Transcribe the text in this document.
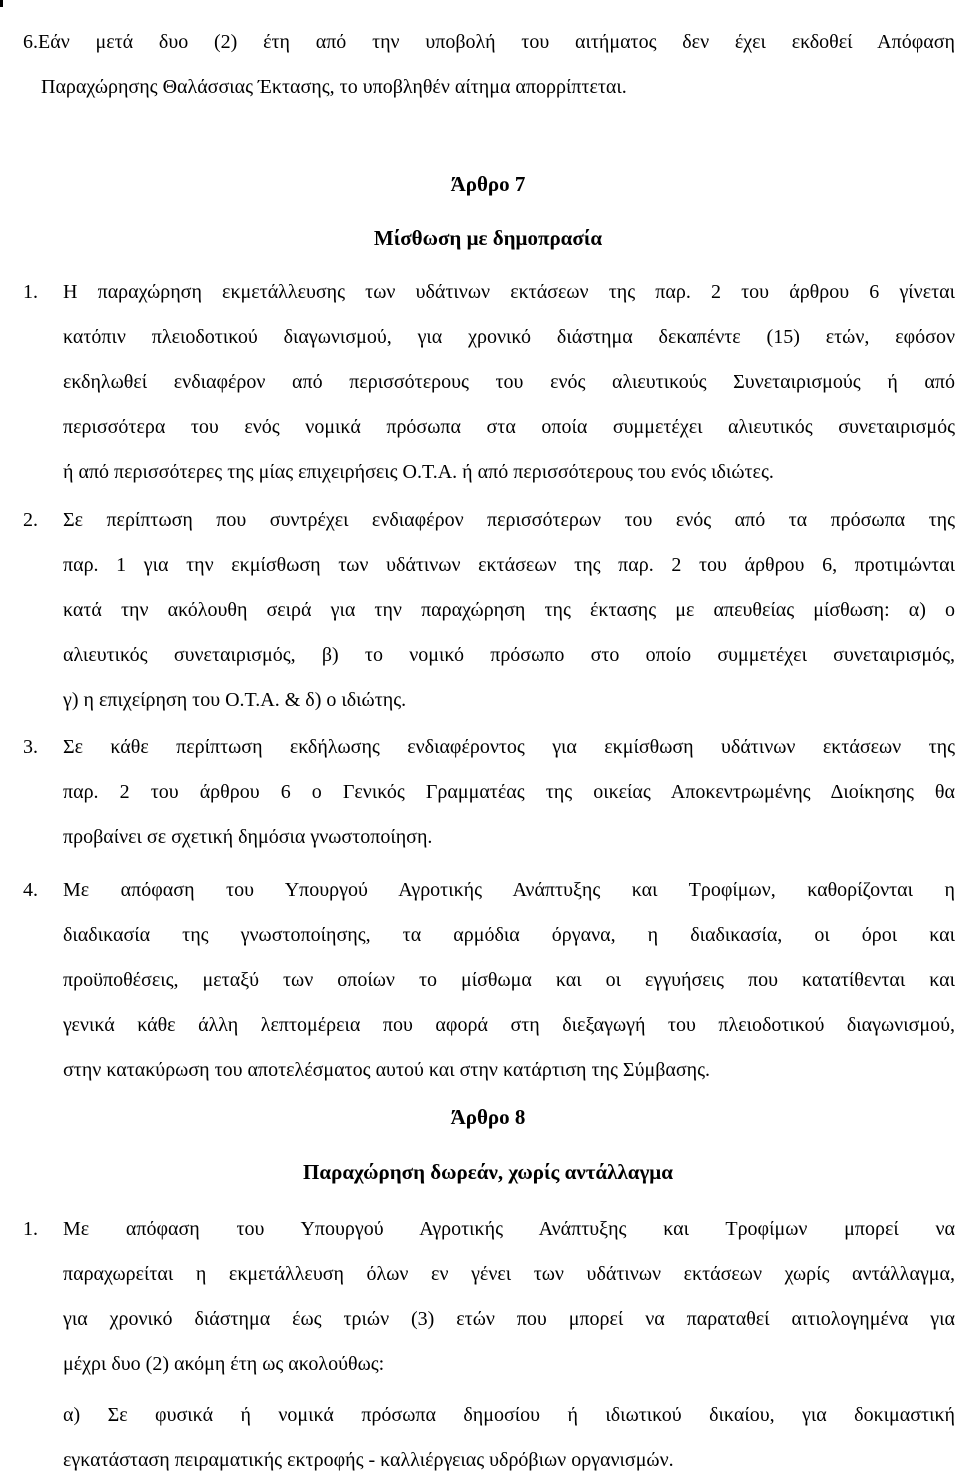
6.Εάν μετά δυο (2) έτη από την υποβολή του αιτήματος δεν έχει εκδοθεί Απόφαση
Παραχώρησης Θαλάσσιας Έκτασης, το υποβληθέν αίτημα απορρίπτεται.
Άρθρο 7
Μίσθωση με δημοπρασία
1. Η παραχώρηση εκμετάλλευσης των υδάτινων εκτάσεων της παρ. 2 του άρθρου 6 γίνεται
κατόπιν πλειοδοτικού διαγωνισμού, για χρονικό διάστημα δεκαπέντε (15) ετών, εφόσον
εκδηλωθεί ενδιαφέρον από περισσότερους του ενός αλιευτικούς Συνεταιρισμούς ή από
περισσότερα του ενός νομικά πρόσωπα στα οποία συμμετέχει αλιευτικός συνεταιρισμός
ή από περισσότερες της μίας επιχειρήσεις Ο.Τ.Α. ή από περισσότερους του ενός ιδιώτες.
2. Σε περίπτωση που συντρέχει ενδιαφέρον περισσότερων του ενός από τα πρόσωπα της
παρ. 1 για την εκμίσθωση των υδάτινων εκτάσεων της παρ. 2 του άρθρου 6, προτιμώνται
κατά την ακόλουθη σειρά για την παραχώρηση της έκτασης με απευθείας μίσθωση: α) ο
αλιευτικός συνεταιρισμός, β) το νομικό πρόσωπο στο οποίο συμμετέχει συνεταιρισμός,
γ) η επιχείρηση του Ο.Τ.Α. & δ) ο ιδιώτης.
3. Σε κάθε περίπτωση εκδήλωσης ενδιαφέροντος για εκμίσθωση υδάτινων εκτάσεων της
παρ. 2 του άρθρου 6 ο Γενικός Γραμματέας της οικείας Αποκεντρωμένης Διοίκησης θα
προβαίνει σε σχετική δημόσια γνωστοποίηση.
4. Με απόφαση του Υπουργού Αγροτικής Ανάπτυξης και Τροφίμων, καθορίζονται η
διαδικασία της γνωστοποίησης, τα αρμόδια όργανα, η διαδικασία, οι όροι και
προϋποθέσεις, μεταξύ των οποίων το μίσθωμα και οι εγγυήσεις που κατατίθενται και
γενικά κάθε άλλη λεπτομέρεια που αφορά στη διεξαγωγή του πλειοδοτικού διαγωνισμού,
στην κατακύρωση του αποτελέσματος αυτού και στην κατάρτιση της Σύμβασης.
Άρθρο 8
Παραχώρηση δωρεάν, χωρίς αντάλλαγμα
1. Με απόφαση του Υπουργού Αγροτικής Ανάπτυξης και Τροφίμων μπορεί να
παραχωρείται η εκμετάλλευση όλων εν γένει των υδάτινων εκτάσεων χωρίς αντάλλαγμα,
για χρονικό διάστημα έως τριών (3) ετών που μπορεί να παραταθεί αιτιολογημένα για
μέχρι δυο (2) ακόμη έτη ως ακολούθως:
α) Σε φυσικά ή νομικά πρόσωπα δημοσίου ή ιδιωτικού δικαίου, για δοκιμαστική
εγκατάσταση πειραματικής εκτροφής - καλλιέργειας υδρόβιων οργανισμών.
